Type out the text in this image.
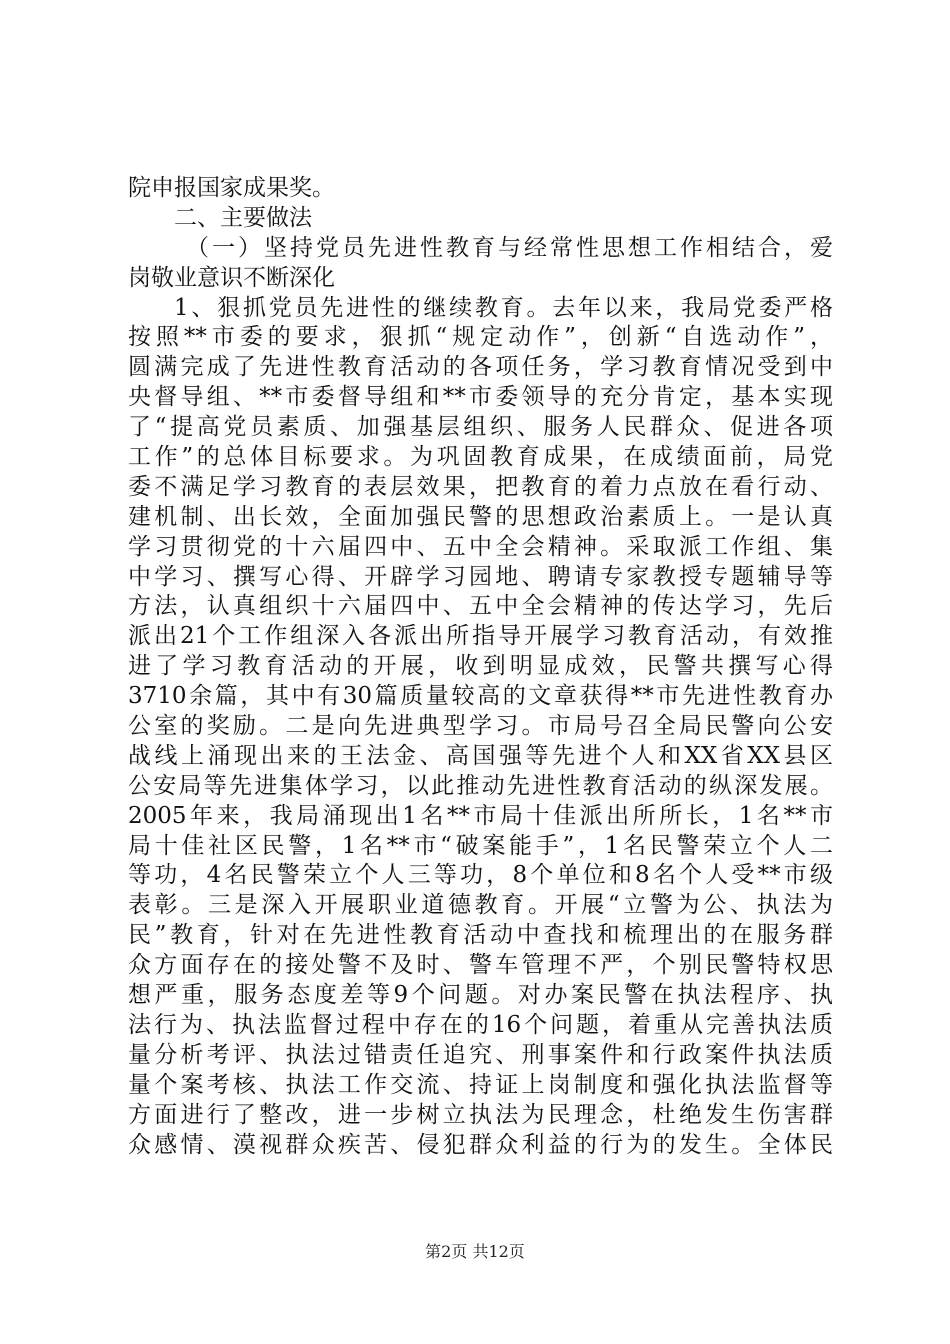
院申报国家成果奖。
二、主要做法
（一）坚持党员先进性教育与经常性思想工作相结合，爱
岗敬业意识不断深化
1、狠抓党员先进性的继续教育。去年以来，我局党委严格
按照**市委的要求，狠抓“规定动作”，创新“自选动作”，
圆满完成了先进性教育活动的各项任务，学习教育情况受到中
央督导组、**市委督导组和**市委领导的充分肯定，基本实现
了“提高党员素质、加强基层组织、服务人民群众、促进各项
工作”的总体目标要求。为巩固教育成果，在成绩面前，局党
委不满足学习教育的表层效果，把教育的着力点放在看行动、
建机制、出长效，全面加强民警的思想政治素质上。一是认真
学习贯彻党的十六届四中、五中全会精神。采取派工作组、集
中学习、撰写心得、开辟学习园地、聘请专家教授专题辅导等
方法，认真组织十六届四中、五中全会精神的传达学习，先后
派出21个工作组深入各派出所指导开展学习教育活动，有效推
进了学习教育活动的开展，收到明显成效，民警共撰写心得
3710余篇，其中有30篇质量较高的文章获得**市先进性教育办
公室的奖励。二是向先进典型学习。市局号召全局民警向公安
战线上涌现出来的王法金、高国强等先进个人和XX省XX县区
公安局等先进集体学习，以此推动先进性教育活动的纵深发展。
2005年来，我局涌现出1名**市局十佳派出所所长，1名**市
局十佳社区民警，1名**市“破案能手”，1名民警荣立个人二
等功，4名民警荣立个人三等功，8个单位和8名个人受**市级
表彰。三是深入开展职业道德教育。开展“立警为公、执法为
民”教育，针对在先进性教育活动中查找和梳理出的在服务群
众方面存在的接处警不及时、警车管理不严，个别民警特权思
想严重，服务态度差等9个问题。对办案民警在执法程序、执
法行为、执法监督过程中存在的16个问题，着重从完善执法质
量分析考评、执法过错责任追究、刑事案件和行政案件执法质
量个案考核、执法工作交流、持证上岗制度和强化执法监督等
方面进行了整改，进一步树立执法为民理念，杜绝发生伤害群
众感情、漠视群众疾苦、侵犯群众利益的行为的发生。全体民
第2页 共12页
